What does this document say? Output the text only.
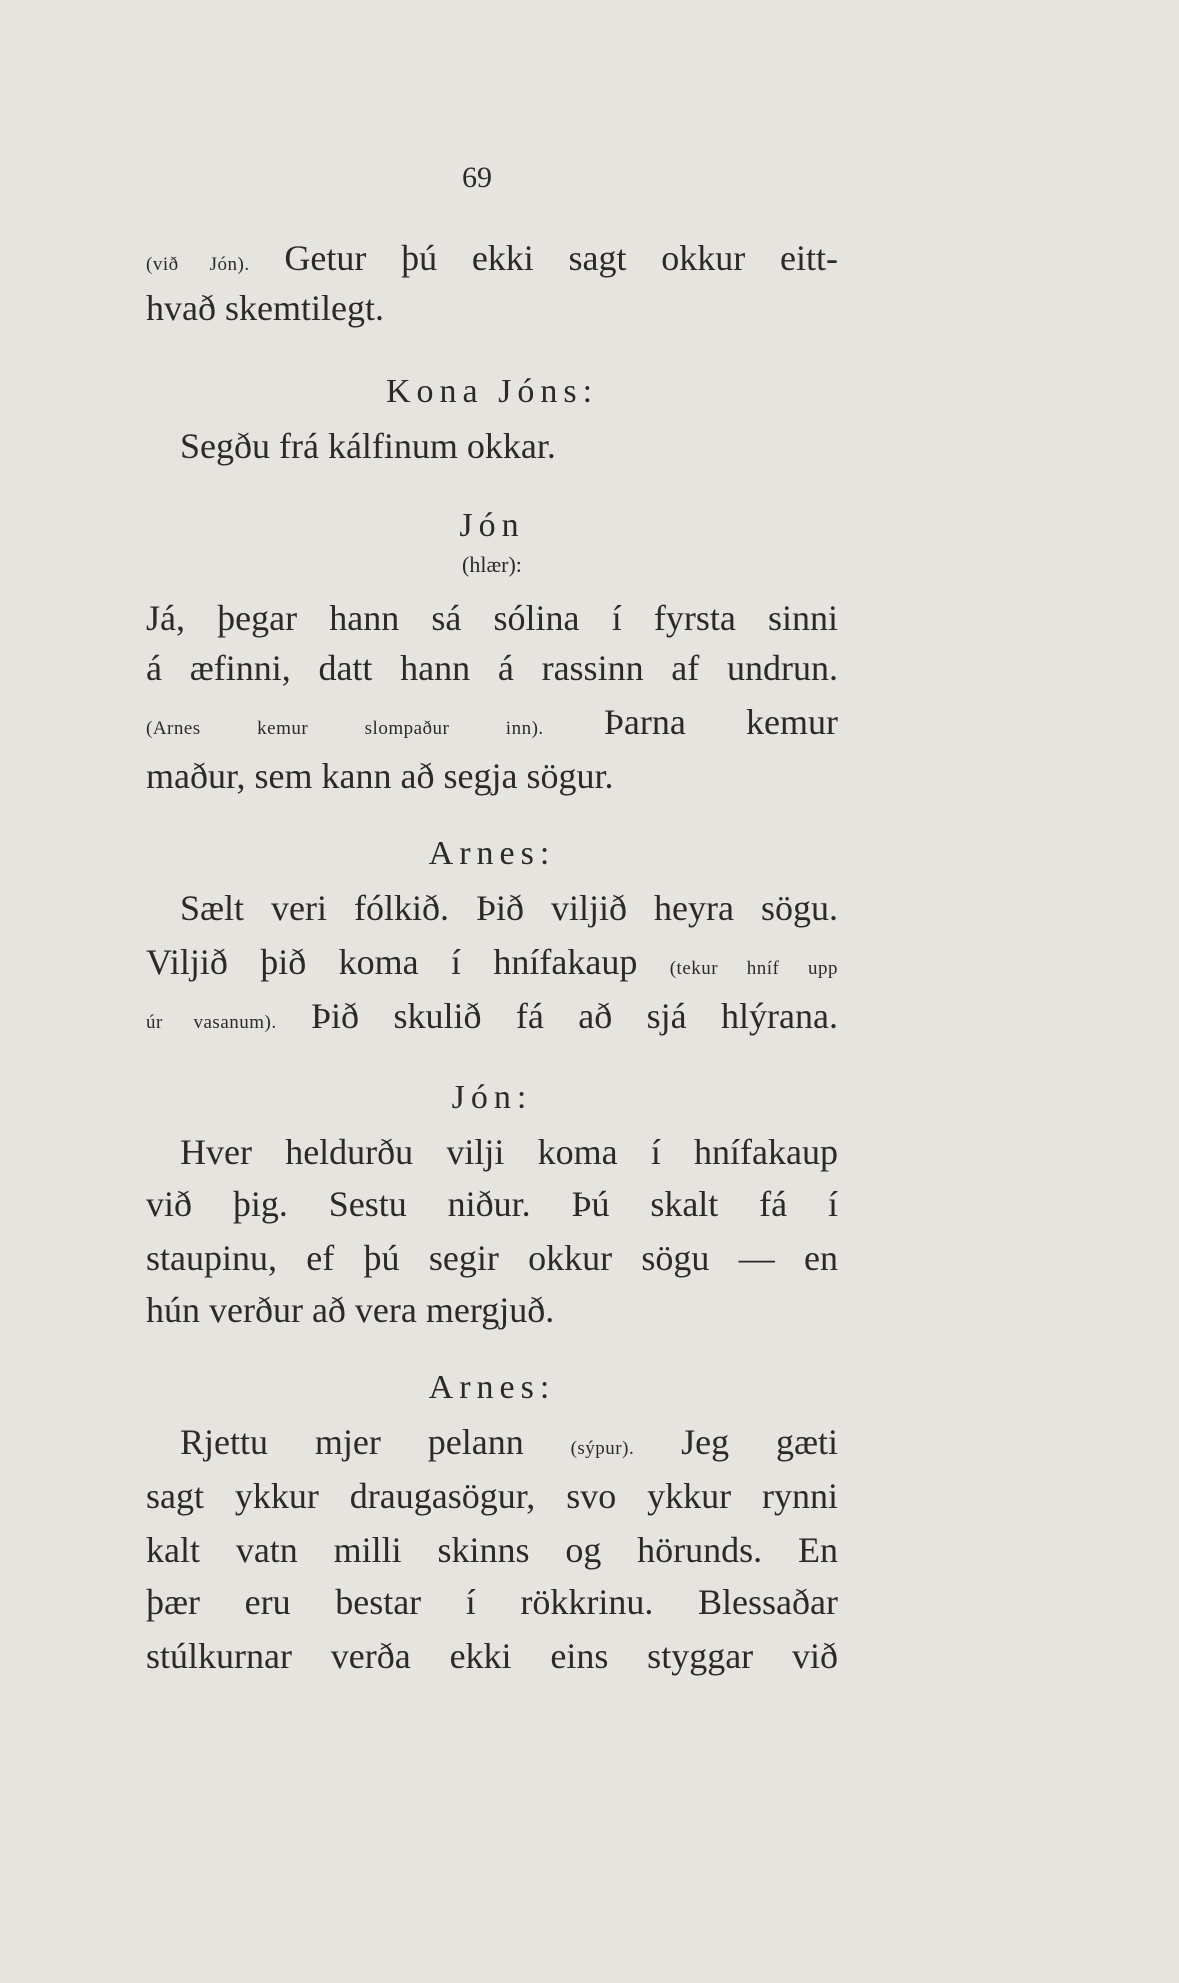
69
(við Jón). Getur þú ekki sagt okkur eitt-
hvað skemtilegt.
Kona Jóns:
Segðu frá kálfinum okkar.
Jón
(hlær):
Já, þegar hann sá sólina í fyrsta sinni
á æfinni, datt hann á rassinn af undrun.
(Arnes kemur slompaður inn). Þarna kemur
maður, sem kann að segja sögur.
Arnes:
Sælt veri fólkið. Þið viljið heyra sögu.
Viljið þið koma í hnífakaup (tekur hníf upp
úr vasanum). Þið skulið fá að sjá hlýrana.
Jón:
Hver heldurðu vilji koma í hnífakaup
við þig. Sestu niður. Þú skalt fá í
staupinu, ef þú segir okkur sögu — en
hún verður að vera mergjuð.
Arnes:
Rjettu mjer pelann (sýpur). Jeg gæti
sagt ykkur draugasögur, svo ykkur rynni
kalt vatn milli skinns og hörunds. En
þær eru bestar í rökkrinu. Blessaðar
stúlkurnar verða ekki eins styggar við
